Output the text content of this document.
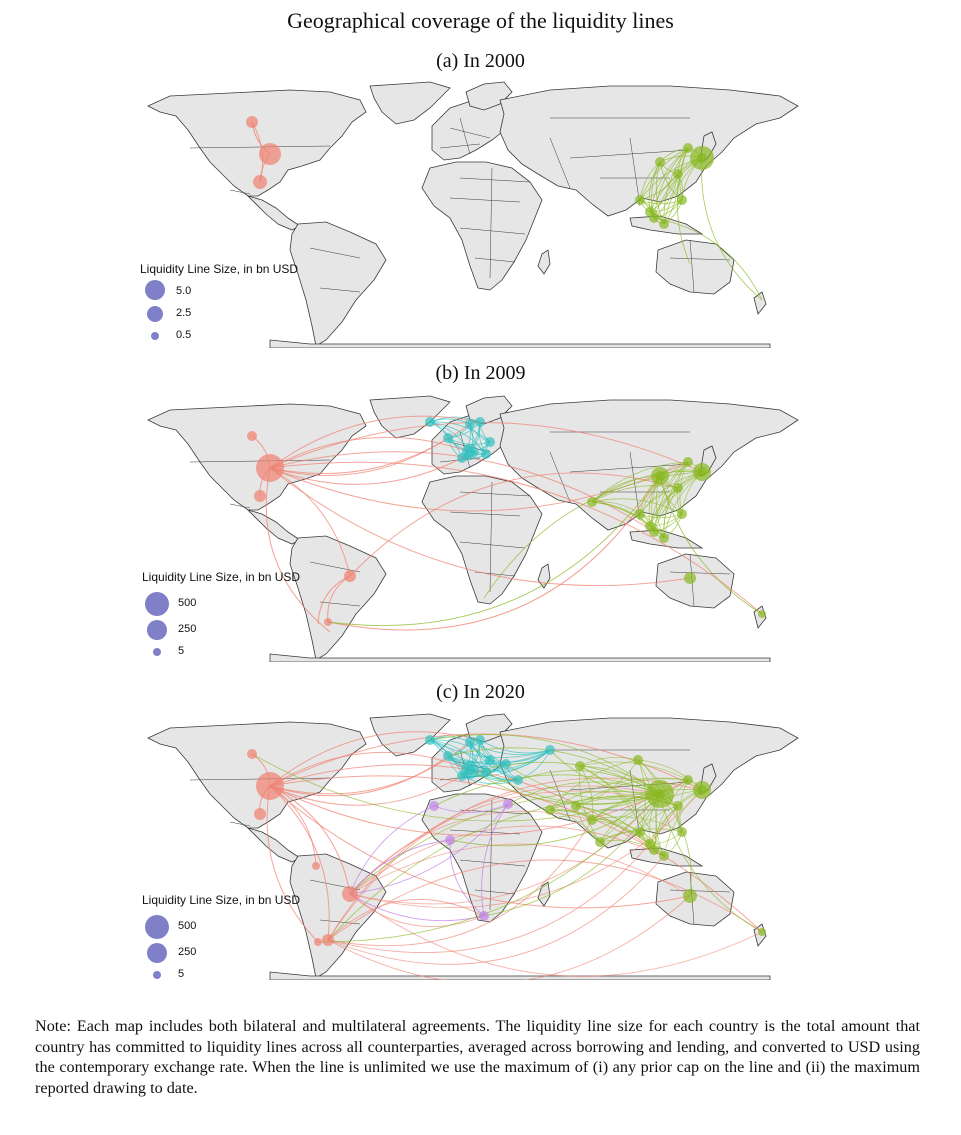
Geographical coverage of the liquidity lines
(a) In 2000
Liquidity Line Size, in bn USD
5.0
2.5
0.5
(b) In 2009
Liquidity Line Size, in bn USD
500
250
5
(c) In 2020
Liquidity Line Size, in bn USD
500
250
5
Note: Each map includes both bilateral and multilateral agreements. The liquidity line size for each country is the total amount that country has committed to liquidity lines across all counterparties, averaged across borrowing and lending, and converted to USD using the contemporary exchange rate. When the line is unlimited we use the maximum of (i) any prior cap on the line and (ii) the maximum reported drawing to date.
